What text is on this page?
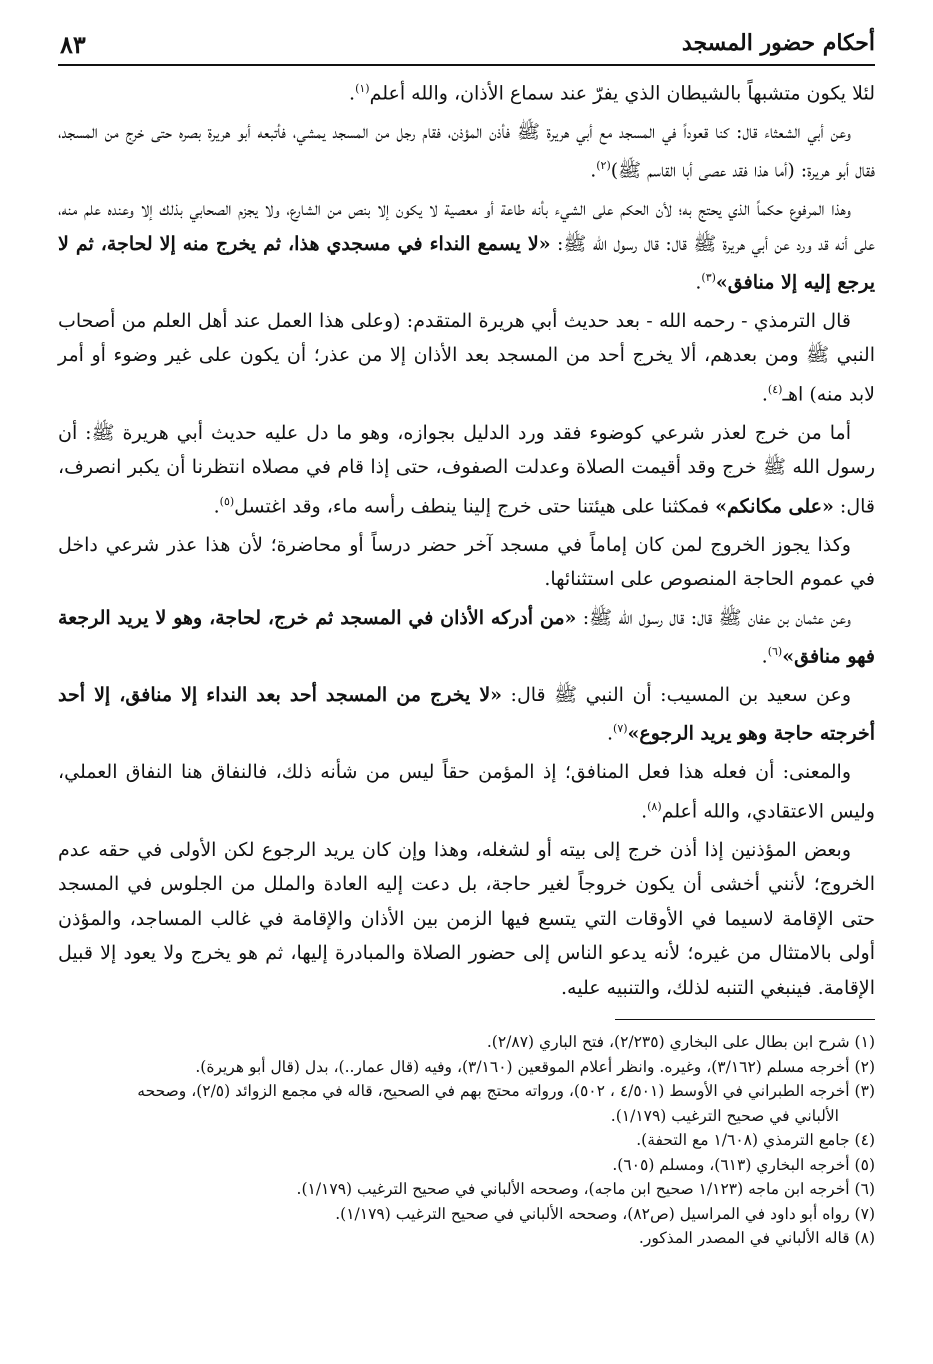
أحكام حضور المسجد
٨٣

لئلا يكون متشبهاً بالشيطان الذي يفرّ عند سماع الأذان، والله أعلم$^{(١)}$.

وعن أبي الشعثاء قال: كنا قعوداً في المسجد مع أبي هريرة ﷺ فأذن المؤذن، فقام رجل من المسجد يمشي، فأتبعه أبو هريرة بصره حتى خرج من المسجد، فقال أبو هريرة: (أما هذا فقد عصى أبا القاسم ﷺ)$^{(٢)}$.

وهذا المرفوع حكماً الذي يحتج به؛ لأن الحكم على الشيء بأنه طاعة أو معصية لا يكون إلا بنص من الشارع، ولا يجزم الصحابي بذلك إلا وعنده علم منه، على أنه قد ورد عن أبي هريرة ﷺ قال: قال رسول الله ﷺ: «لا يسمع النداء في مسجدي هذا، ثم يخرج منه إلا لحاجة، ثم لا يرجع إليه إلا منافق»$^{(٣)}$.

قال الترمذي - رحمه الله - بعد حديث أبي هريرة المتقدم: (وعلى هذا العمل عند أهل العلم من أصحاب النبي ﷺ ومن بعدهم، ألا يخرج أحد من المسجد بعد الأذان إلا من عذر؛ أن يكون على غير وضوء أو أمر لابد منه) اهـ$^{(٤)}$.

أما من خرج لعذر شرعي كوضوء فقد ورد الدليل بجوازه، وهو ما دل عليه حديث أبي هريرة ﷺ: أن رسول الله ﷺ خرج وقد أقيمت الصلاة وعدلت الصفوف، حتى إذا قام في مصلاه انتظرنا أن يكبر انصرف، قال: «على مكانكم» فمكثنا على هيئتنا حتى خرج إلينا ينطف رأسه ماء، وقد اغتسل$^{(٥)}$.

وكذا يجوز الخروج لمن كان إماماً في مسجد آخر حضر درساً أو محاضرة؛ لأن هذا عذر شرعي داخل في عموم الحاجة المنصوص على استثنائها.

وعن عثمان بن عفان ﷺ قال: قال رسول الله ﷺ: «من أدركه الأذان في المسجد ثم خرج، لحاجة، وهو لا يريد الرجعة فهو منافق»$^{(٦)}$.

وعن سعيد بن المسيب: أن النبي ﷺ قال: «لا يخرج من المسجد أحد بعد النداء إلا منافق، إلا أحد أخرجته حاجة وهو يريد الرجوع»$^{(٧)}$.

والمعنى: أن فعله هذا فعل المنافق؛ إذ المؤمن حقاً ليس من شأنه ذلك، فالنفاق هنا النفاق العملي، وليس الاعتقادي، والله أعلم$^{(٨)}$.

وبعض المؤذنين إذا أذن خرج إلى بيته أو لشغله، وهذا وإن كان يريد الرجوع لكن الأولى في حقه عدم الخروج؛ لأنني أخشى أن يكون خروجاً لغير حاجة، بل دعت إليه العادة والملل من الجلوس في المسجد حتى الإقامة لاسيما في الأوقات التي يتسع فيها الزمن بين الأذان والإقامة في غالب المساجد، والمؤذن أولى بالامتثال من غيره؛ لأنه يدعو الناس إلى حضور الصلاة والمبادرة إليها، ثم هو يخرج ولا يعود إلا قبيل الإقامة. فينبغي التنبه لذلك، والتنبيه عليه.

(١) شرح ابن بطال على البخاري (٢/٢٣٥)، فتح الباري (٢/٨٧).
(٢) أخرجه مسلم (٣/١٦٢)، وغيره. وانظر أعلام الموقعين (٣/١٦٠)، وفيه (قال عمار..)، بدل (قال أبو هريرة).
(٣) أخرجه الطبراني في الأوسط (٤/٥٠١ ، ٥٠٢)، ورواته محتج بهم في الصحيح، قاله في مجمع الزوائد (٢/٥)، وصححه
الألباني في صحيح الترغيب (١/١٧٩).
(٤) جامع الترمذي (١/٦٠٨ مع التحفة).
(٥) أخرجه البخاري (٦١٣)، ومسلم (٦٠٥).
(٦) أخرجه ابن ماجه (١/١٢٣ صحيح ابن ماجه)، وصححه الألباني في صحيح الترغيب (١/١٧٩).
(٧) رواه أبو داود في المراسيل (ص٨٢)، وصححه الألباني في صحيح الترغيب (١/١٧٩).
(٨) قاله الألباني في المصدر المذكور.
